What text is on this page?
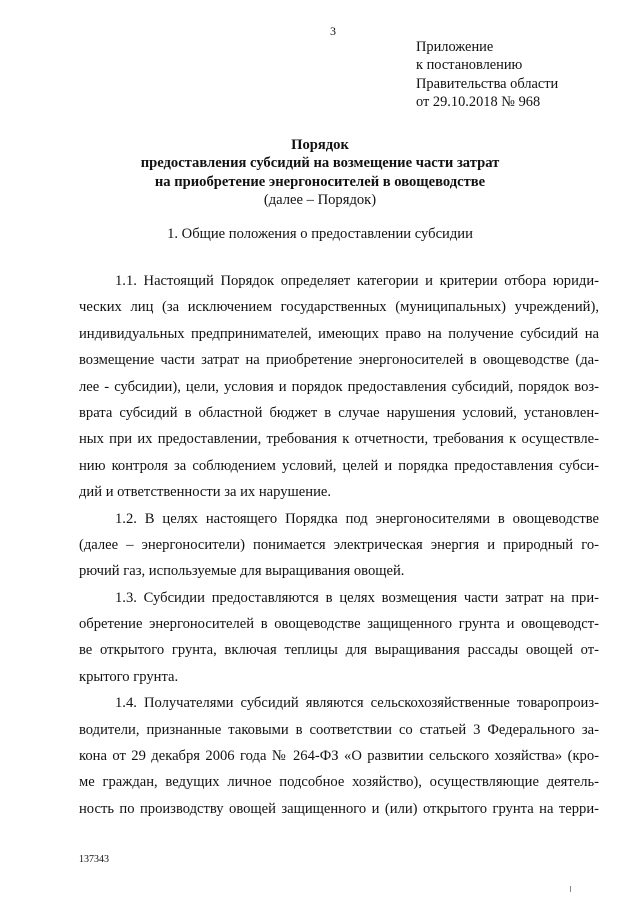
3
Приложение
к постановлению
Правительства области
от 29.10.2018 № 968
Порядок
предоставления субсидий на возмещение части затрат
на приобретение энергоносителей в овощеводстве
(далее – Порядок)
1. Общие положения о предоставлении субсидии
1.1. Настоящий Порядок определяет категории и критерии отбора юриди-
ческих лиц (за исключением государственных (муниципальных) учреждений),
индивидуальных предпринимателей, имеющих право на получение субсидий на
возмещение части затрат на приобретение энергоносителей в овощеводстве (да-
лее - субсидии), цели, условия и порядок предоставления субсидий, порядок воз-
врата субсидий в областной бюджет в случае нарушения условий, установлен-
ных при их предоставлении, требования к отчетности, требования к осуществле-
нию контроля за соблюдением условий, целей и порядка предоставления субси-
дий и ответственности за их нарушение.
1.2. В целях настоящего Порядка под энергоносителями в овощеводстве
(далее – энергоносители) понимается электрическая энергия и природный го-
рючий газ, используемые для выращивания овощей.
1.3. Субсидии предоставляются в целях возмещения части затрат на при-
обретение энергоносителей в овощеводстве защищенного грунта и овощеводст-
ве открытого грунта, включая теплицы для выращивания рассады овощей от-
крытого грунта.
1.4. Получателями субсидий являются сельскохозяйственные товаропроиз-
водители, признанные таковыми в соответствии со статьей 3 Федерального за-
кона от 29 декабря 2006 года № 264-ФЗ «О развитии сельского хозяйства» (кро-
ме граждан, ведущих личное подсобное хозяйство), осуществляющие деятель-
ность по производству овощей защищенного и (или) открытого грунта на терри-
137343
